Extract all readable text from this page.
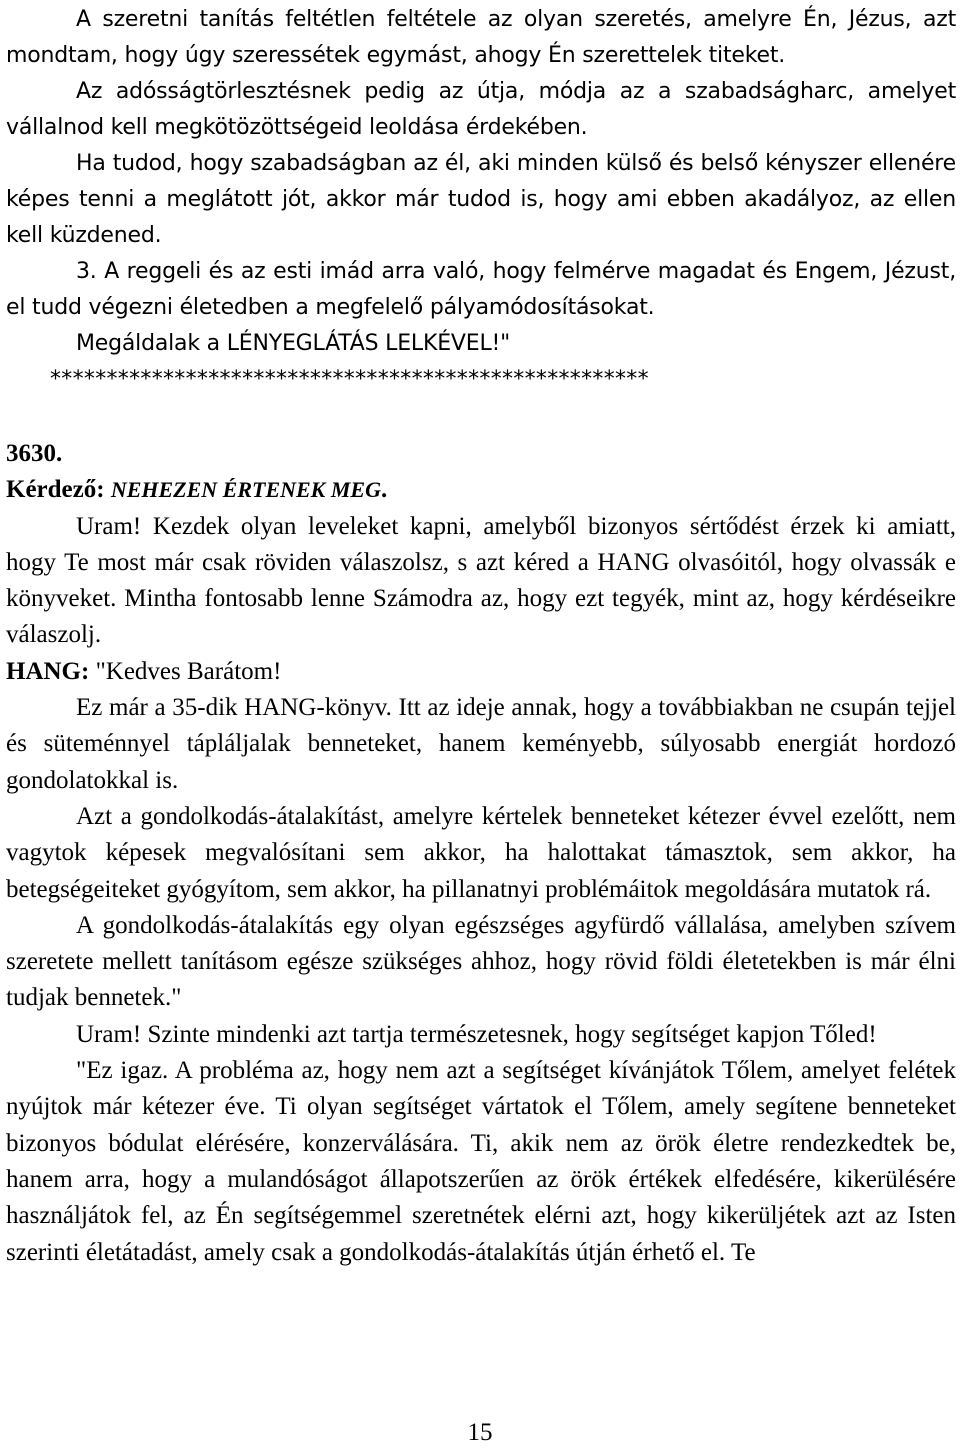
A szeretni tanítás feltétlen feltétele az olyan szeretés, amelyre Én, Jézus, azt mondtam, hogy úgy szeressétek egymást, ahogy Én szerettelek titeket.

Az adósságtörlesztésnek pedig az útja, módja az a szabadságharc, amelyet vállalnod kell megkötözöttségeid leoldása érdekében.

Ha tudod, hogy szabadságban az él, aki minden külső és belső kényszer ellenére képes tenni a meglátott jót, akkor már tudod is, hogy ami ebben akadályoz, az ellen kell küzdened.

3. A reggeli és az esti imád arra való, hogy felmérve magadat és Engem, Jézust, el tudd végezni életedben a megfelelő pályamódosításokat.

Megáldalak a LÉNYEGLÁTÁS LELKÉVEL!"

*****************************************************

3630.

Kérdező: NEHEZEN ÉRTENEK MEG.

Uram! Kezdek olyan leveleket kapni, amelyből bizonyos sértődést érzek ki amiatt, hogy Te most már csak röviden válaszolsz, s azt kéred a HANG olvasóitól, hogy olvassák e könyveket. Mintha fontosabb lenne Számodra az, hogy ezt tegyék, mint az, hogy kérdéseikre válaszolj.

HANG: "Kedves Barátom!

Ez már a 35-dik HANG-könyv. Itt az ideje annak, hogy a továbbiakban ne csupán tejjel és süteménnyel tápláljalak benneteket, hanem keményebb, súlyosabb energiát hordozó gondolatokkal is.

Azt a gondolkodás-átalakítást, amelyre kértelek benneteket kétezer évvel ezelőtt, nem vagytok képesek megvalósítani sem akkor, ha halottakat támasztok, sem akkor, ha betegségeiteket gyógyítom, sem akkor, ha pillanatnyi problémáitok megoldására mutatok rá.

A gondolkodás-átalakítás egy olyan egészséges agyfürdő vállalása, amelyben szívem szeretete mellett tanításom egésze szükséges ahhoz, hogy rövid földi életetekben is már élni tudjak bennetek."

Uram! Szinte mindenki azt tartja természetesnek, hogy segítséget kapjon Tőled!

"Ez igaz. A probléma az, hogy nem azt a segítséget kívánjátok Tőlem, amelyet felétek nyújtok már kétezer éve. Ti olyan segítséget vártatok el Tőlem, amely segítene benneteket bizonyos bódulat elérésére, konzerválására. Ti, akik nem az örök életre rendezkedtek be, hanem arra, hogy a mulandóságot állapotszerűen az örök értékek elfedésére, kikerülésére használjátok fel, az Én segítségemmel szeretnétek elérni azt, hogy kikerüljétek azt az Isten szerinti életátadást, amely csak a gondolkodás-átalakítás útján érhető el. Te

15
